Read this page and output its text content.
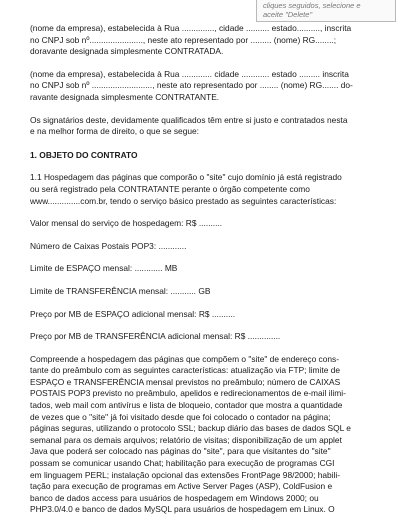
cliques seguidos, selecione e
aceite "Delete"

(nome da empresa), estabelecida à Rua .............., cidade .......... estado.........., inscrita

no CNPJ sob nº......................., neste ato representado por ......... (nome) RG........;

doravante designada simplesmente CONTRATADA.

(nome da empresa), estabelecida à Rua ............. cidade ............ estado ......... inscrita

no CNPJ sob nº .........................., neste ato representado por ........ (nome) RG....... do-

ravante designada simplesmente CONTRATANTE.

Os signatários deste, devidamente qualificados têm entre si justo e contratados nesta

e na melhor forma de direito, o que se segue:

1. OBJETO DO CONTRATO

1.1 Hospedagem das páginas que comporão o "site" cujo domínio já está registrado

ou será registrado pela CONTRATANTE perante o órgão competente como

www..............com.br, tendo o serviço básico prestado as seguintes características:

Valor mensal do serviço de hospedagem: R$ ..........

Número de Caixas Postais POP3: ............

Limite de ESPAÇO mensal: ............ MB

Limite de TRANSFERÊNCIA mensal: ........... GB

Preço por MB de ESPAÇO adicional mensal: R$ ..........

Preço por MB de TRANSFERÊNCIA adicional mensal: R$ ..............

Compreende a hospedagem das páginas que compõem o "site" de endereço cons-

tante do preâmbulo com as seguintes características: atualização via FTP; limite de

ESPAÇO e TRANSFERÊNCIA mensal previstos no preâmbulo; número de CAIXAS

POSTAIS POP3 previsto no preâmbulo, apelidos e redirecionamentos de e-mail ilimi-

tados, web mail com antivírus e lista de bloqueio, contador que mostra a quantidade

de vezes que o "site" já foi visitado desde que foi colocado o contador na página;

páginas seguras, utilizando o protocolo SSL; backup diário das bases de dados SQL e

semanal para os demais arquivos; relatório de visitas; disponibilização de um applet

Java que poderá ser colocado nas páginas do "site", para que visitantes do "site"

possam se comunicar usando Chat; habilitação para execução de programas CGI

em linguagem PERL; instalação opcional das extensões FrontPage 98/2000; habili-

tação para execução de programas em Active Server Pages (ASP), ColdFusion e

banco de dados access para usuários de hospedagem em Windows 2000; ou

PHP3.0/4.0 e banco de dados MySQL para usuários de hospedagem em Linux. O
